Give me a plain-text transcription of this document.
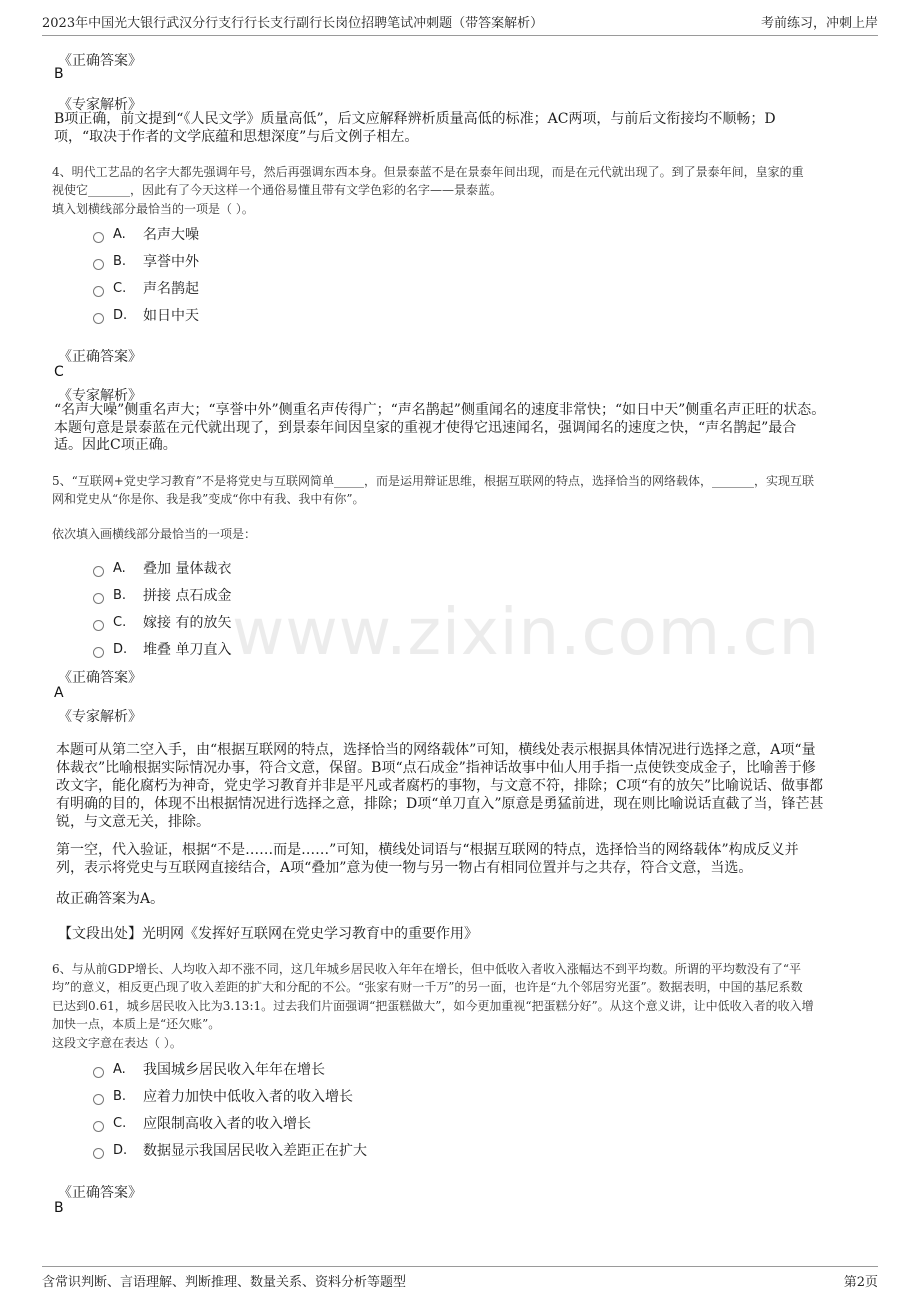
2023年中国光大银行武汉分行支行行长支行副行长岗位招聘笔试冲刺题（带答案解析）	考前练习，冲刺上岸
www.zixin.com.cn
《正确答案》
B
《专家解析》
B项正确，前文提到“《人民文学》质量高低”，后文应解释辨析质量高低的标准；AC两项，与前后文衔接均不顺畅；D
项，“取决于作者的文学底蕴和思想深度”与后文例子相左。
4、明代工艺品的名字大都先强调年号，然后再强调东西本身。但景泰蓝不是在景泰年间出现，而是在元代就出现了。到了景泰年间，皇家的重
视使它_______，因此有了今天这样一个通俗易懂且带有文学色彩的名字——景泰蓝。
填入划横线部分最恰当的一项是（ ）。
A.	名声大噪
B.	享誉中外
C.	声名鹊起
D.	如日中天
《正确答案》
C
《专家解析》
“名声大噪”侧重名声大；“享誉中外”侧重名声传得广；“声名鹊起”侧重闻名的速度非常快；“如日中天”侧重名声正旺的状态。
本题句意是景泰蓝在元代就出现了，到景泰年间因皇家的重视才使得它迅速闻名，强调闻名的速度之快，“声名鹊起”最合
适。因此C项正确。
5、“互联网+党史学习教育”不是将党史与互联网简单_____，而是运用辩证思维，根据互联网的特点，选择恰当的网络载体，_______，实现互联
网和党史从“你是你、我是我”变成“你中有我、我中有你”。
依次填入画横线部分最恰当的一项是：
A.	叠加 量体裁衣
B.	拼接 点石成金
C.	嫁接 有的放矢
D.	堆叠 单刀直入
《正确答案》
A
《专家解析》
本题可从第二空入手，由“根据互联网的特点，选择恰当的网络载体”可知，横线处表示根据具体情况进行选择之意，A项“量
体裁衣”比喻根据实际情况办事，符合文意，保留。B项“点石成金”指神话故事中仙人用手指一点使铁变成金子，比喻善于修
改文字，能化腐朽为神奇，党史学习教育并非是平凡或者腐朽的事物，与文意不符，排除；C项“有的放矢”比喻说话、做事都
有明确的目的，体现不出根据情况进行选择之意，排除；D项“单刀直入”原意是勇猛前进，现在则比喻说话直截了当，锋芒甚
锐，与文意无关，排除。
第一空，代入验证，根据“不是……而是……”可知，横线处词语与“根据互联网的特点，选择恰当的网络载体”构成反义并
列，表示将党史与互联网直接结合，A项“叠加”意为使一物与另一物占有相同位置并与之共存，符合文意，当选。
故正确答案为A。
【文段出处】光明网《发挥好互联网在党史学习教育中的重要作用》
6、与从前GDP增长、人均收入却不涨不同，这几年城乡居民收入年年在增长，但中低收入者收入涨幅达不到平均数。所谓的平均数没有了“平
均”的意义，相反更凸现了收入差距的扩大和分配的不公。“张家有财一千万”的另一面，也许是“九个邻居穷光蛋”。数据表明，中国的基尼系数
已达到0.61，城乡居民收入比为3.13:1。过去我们片面强调“把蛋糕做大”，如今更加重视“把蛋糕分好”。从这个意义讲，让中低收入者的收入增
加快一点，本质上是“还欠账”。
这段文字意在表达（ ）。
A.	我国城乡居民收入年年在增长
B.	应着力加快中低收入者的收入增长
C.	应限制高收入者的收入增长
D.	数据显示我国居民收入差距正在扩大
《正确答案》
B
含常识判断、言语理解、判断推理、数量关系、资料分析等题型	第2页
